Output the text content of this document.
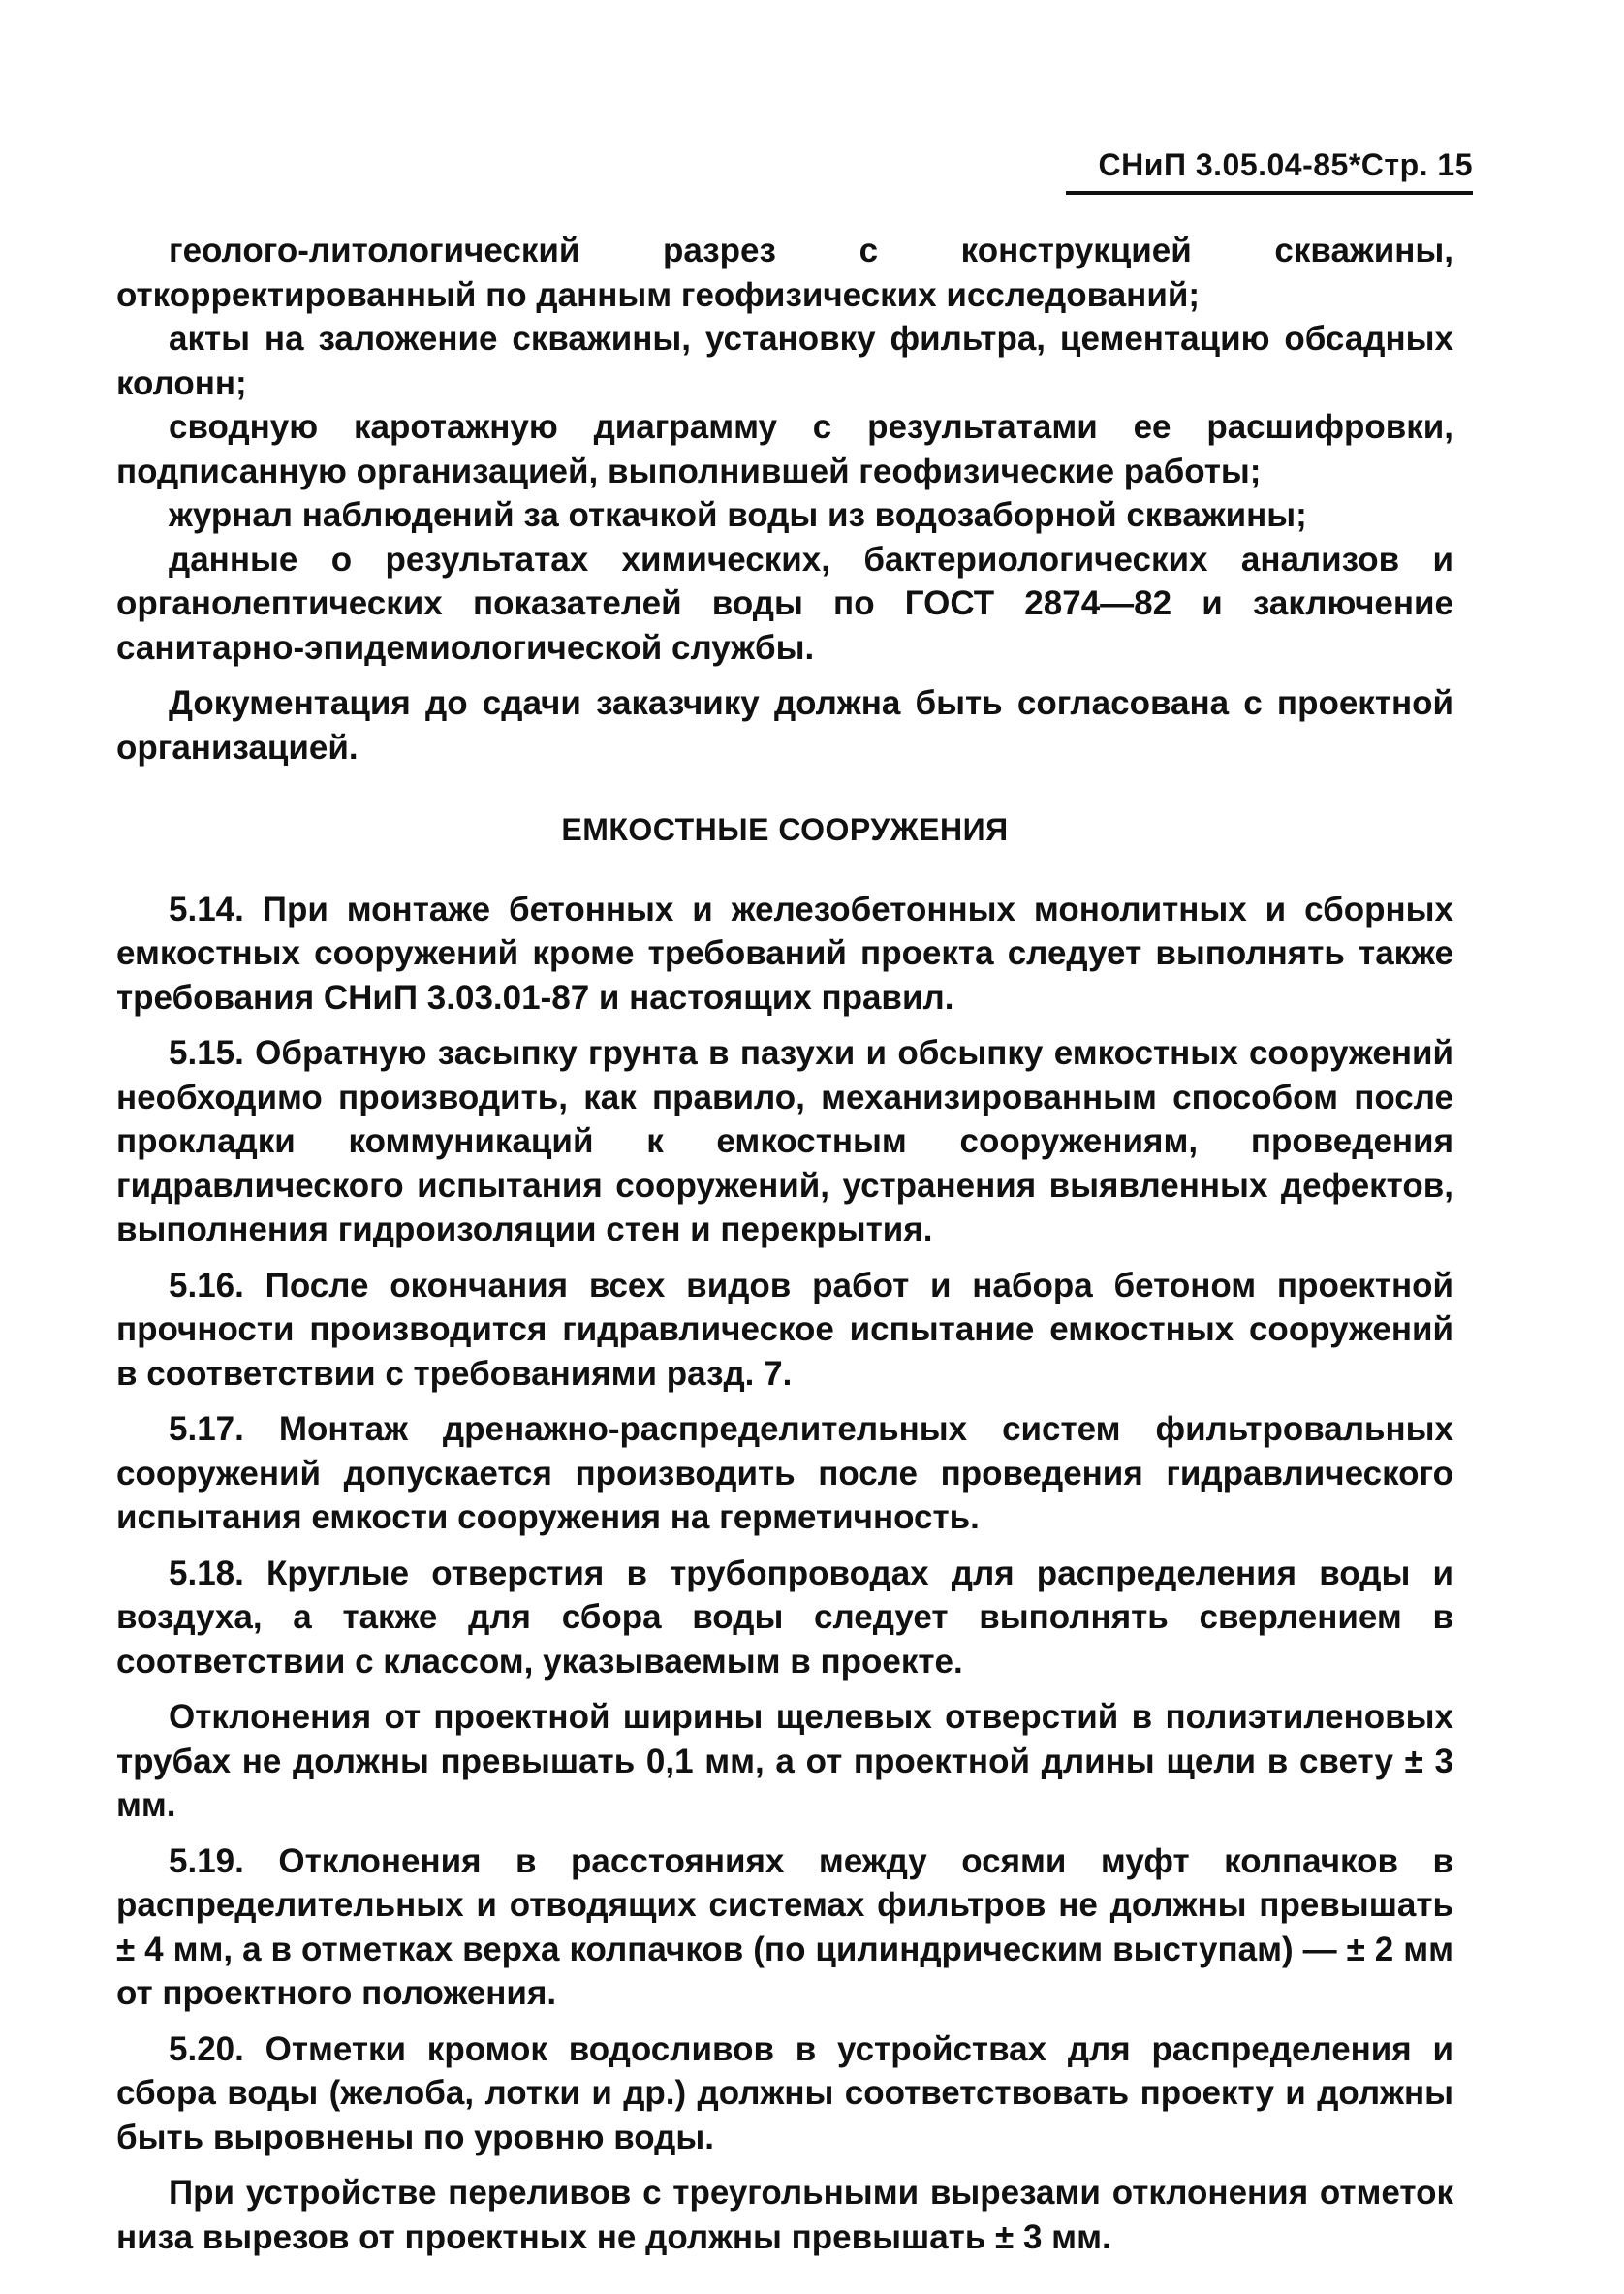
СНиП 3.05.04-85*Стр. 15

геолого-литологический разрез с конструкцией скважины, откорректированный по данным геофизических исследований;

акты на заложение скважины, установку фильтра, цементацию обсадных колонн;

сводную каротажную диаграмму с результатами ее расшифровки, подписанную организацией, выполнившей геофизические работы;

журнал наблюдений за откачкой воды из водозаборной скважины;

данные о результатах химических, бактериологических анализов и органолептических показателей воды по ГОСТ 2874—82 и заключение санитарно-эпидемиологической службы.

Документация до сдачи заказчику должна быть согласована с проектной организацией.

ЕМКОСТНЫЕ СООРУЖЕНИЯ

5.14. При монтаже бетонных и железобетонных монолитных и сборных емкостных сооружений кроме требований проекта следует выполнять также требования СНиП 3.03.01-87 и настоящих правил.

5.15. Обратную засыпку грунта в пазухи и обсыпку емкостных сооружений необходимо производить, как правило, механизированным способом после прокладки коммуникаций к емкостным сооружениям, проведения гидравлического испытания сооружений, устранения выявленных дефектов, выполнения гидроизоляции стен и перекрытия.

5.16. После окончания всех видов работ и набора бетоном проектной прочности производится гидравлическое испытание емкостных сооружений в соответствии с требованиями разд. 7.

5.17. Монтаж дренажно-распределительных систем фильтровальных сооружений допускается производить после проведения гидравлического испытания емкости сооружения на герметичность.

5.18. Круглые отверстия в трубопроводах для распределения воды и воздуха, а также для сбора воды следует выполнять сверлением в соответствии с классом, указываемым в проекте.

Отклонения от проектной ширины щелевых отверстий в полиэтиленовых трубах не должны превышать 0,1 мм, а от проектной длины щели в свету ± 3 мм.

5.19. Отклонения в расстояниях между осями муфт колпачков в распределительных и отводящих системах фильтров не должны превышать ± 4 мм, а в отметках верха колпачков (по цилиндрическим выступам) — ± 2 мм от проектного положения.

5.20. Отметки кромок водосливов в устройствах для распределения и сбора воды (желоба, лотки и др.) должны соответствовать проекту и должны быть выровнены по уровню воды.

При устройстве переливов с треугольными вырезами отклонения отметок низа вырезов от проектных не должны превышать ± 3 мм.
